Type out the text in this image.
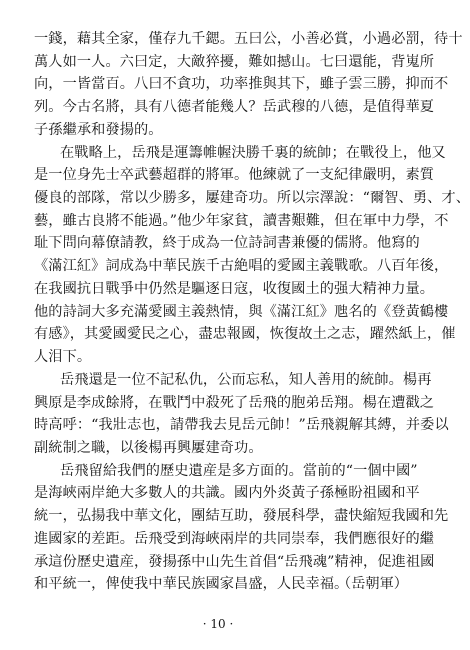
一錢，藉其全家，僅存九千鍶。五曰公，小善必賞，小過必罰，待十
萬人如一人。六曰定，大敵猝擾，難如撼山。七曰還能，背嵬所
向，一皆當百。八曰不貪功，功率推與其下，雖子雲三勝，抑而不
列。今古名將，具有八德者能幾人？岳武穆的八德，是值得華夏
子孫繼承和發揚的。
在戰略上，岳飛是運籌帷幄決勝千裏的統帥；在戰役上，他又
是一位身先士卒武藝超群的將軍。他練就了一支紀律嚴明，素質
優良的部隊，常以少勝多，屢建奇功。所以宗澤說：“爾智、勇、才、
藝，雖古良將不能過。”他少年家貧，讀書艱難，但在軍中力學，不
耻下問向幕僚請教，終于成為一位詩詞書兼優的儒將。他寫的
《滿江紅》詞成為中華民族千古絶唱的愛國主義戰歌。八百年後，
在我國抗日戰爭中仍然是驅逐日寇，收復國土的强大精神力量。
他的詩詞大多充滿愛國主義熱情，與《滿江紅》虺名的《登黃鶴樓
有感》，其愛國愛民之心，盡忠報國，恢復故土之志，躍然紙上，催
人泪下。
岳飛還是一位不記私仇，公而忘私，知人善用的統帥。楊再
興原是李成餘將，在戰鬥中殺死了岳飛的胞弟岳翔。楊在遭戳之
時高呼：“我壯志也，請帶我去見岳元帥！”岳飛親解其縛，并委以
副統制之職，以後楊再興屢建奇功。
岳飛留給我們的歷史遺産是多方面的。當前的“一個中國”
是海峽兩岸絶大多數人的共識。國内外炎黃子孫極盼祖國和平
統一，弘揚我中華文化，團結互助，發展科學，盡快縮短我國和先
進國家的差距。岳飛受到海峽兩岸的共同崇奉，我們應很好的繼
承這份歷史遺産，發揚孫中山先生首倡“岳飛魂”精神，促進祖國
和平統一，俾使我中華民族國家昌盛，人民幸福。
（岳朝軍）
· 10 ·
